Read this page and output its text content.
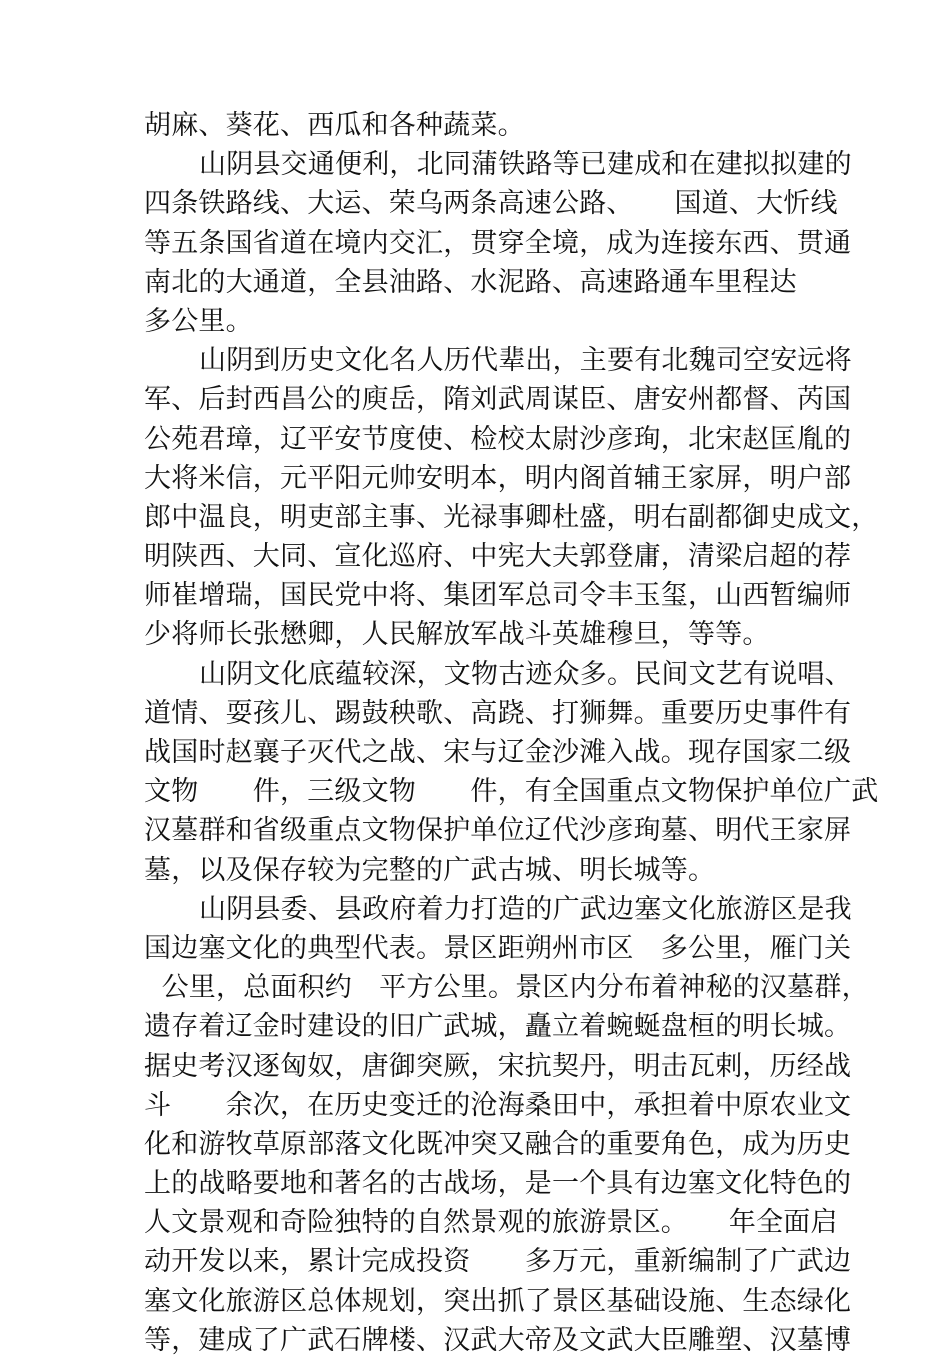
胡麻、葵花、西瓜和各种蔬菜。
山阴县交通便利，北同蒲铁路等已建成和在建拟拟建的
四条铁路线、大运、荣乌两条高速公路、　　国道、大忻线
等五条国省道在境内交汇，贯穿全境，成为连接东西、贯通
南北的大通道，全县油路、水泥路、高速路通车里程达
多公里。
山阴到历史文化名人历代辈出，主要有北魏司空安远将
军、后封西昌公的庾岳，隋刘武周谋臣、唐安州都督、芮国
公苑君璋，辽平安节度使、检校太尉沙彦珣，北宋赵匡胤的
大将米信，元平阳元帅安明本，明内阁首辅王家屏，明户部
郎中温良，明吏部主事、光禄事卿杜盛，明右副都御史成文，
明陕西、大同、宣化巡府、中宪大夫郭登庸，清梁启超的荐
师崔增瑞，国民党中将、集团军总司令丰玉玺，山西暂编师
少将师长张懋卿，人民解放军战斗英雄穆旦，等等。
山阴文化底蕴较深，文物古迹众多。民间文艺有说唱、
道情、耍孩儿、踢鼓秧歌、高跷、打狮舞。重要历史事件有
战国时赵襄子灭代之战、宋与辽金沙滩入战。现存国家二级
文物　　件，三级文物　　件，有全国重点文物保护单位广武
汉墓群和省级重点文物保护单位辽代沙彦珣墓、明代王家屏
墓，以及保存较为完整的广武古城、明长城等。
山阴县委、县政府着力打造的广武边塞文化旅游区是我
国边塞文化的典型代表。景区距朔州市区　多公里，雁门关
公里，总面积约　平方公里。景区内分布着神秘的汉墓群，
遗存着辽金时建设的旧广武城，矗立着蜿蜒盘桓的明长城。
据史考汉逐匈奴，唐御突厥，宋抗契丹，明击瓦剌，历经战
斗　　余次，在历史变迁的沧海桑田中，承担着中原农业文
化和游牧草原部落文化既冲突又融合的重要角色，成为历史
上的战略要地和著名的古战场，是一个具有边塞文化特色的
人文景观和奇险独特的自然景观的旅游景区。　　年全面启
动开发以来，累计完成投资　　多万元，重新编制了广武边
塞文化旅游区总体规划，突出抓了景区基础设施、生态绿化
等，建成了广武石牌楼、汉武大帝及文武大臣雕塑、汉墓博
